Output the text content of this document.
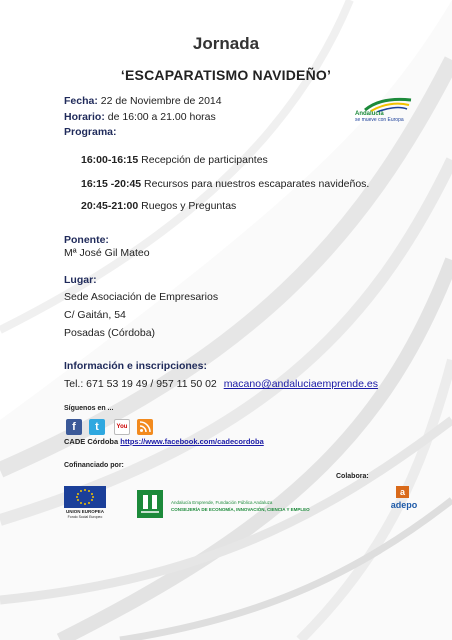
Jornada
‘ESCAPARATISMO NAVIDEÑO’
Andalucía
se mueve con Europa
Fecha: 22 de Noviembre de 2014
Horario: de 16:00 a 21.00 horas
Programa:
16:00-16:15 Recepción de participantes
16:15 -20:45 Recursos para nuestros escaparates navideños.
20:45-21:00 Ruegos y Preguntas
Ponente:
Mª José Gil Mateo
Lugar:
Sede Asociación de Empresarios
C/ Gaitán, 54
Posadas (Córdoba)
Información e inscripciones:
Tel.: 671 53 19 49 / 957 11 50 02 macano@andaluciaemprende.es
Síguenos en ...
f	t	You
CADE Córdoba https://www.facebook.com/cadecordoba
Cofinanciado por:
Colabora:
UNION EUROPEA
Fondo Social Europeo
Andalucía Emprende, Fundación Pública Andaluza
CONSEJERÍA DE ECONOMÍA, INNOVACIÓN, CIENCIA Y EMPLEO
a
adepo
